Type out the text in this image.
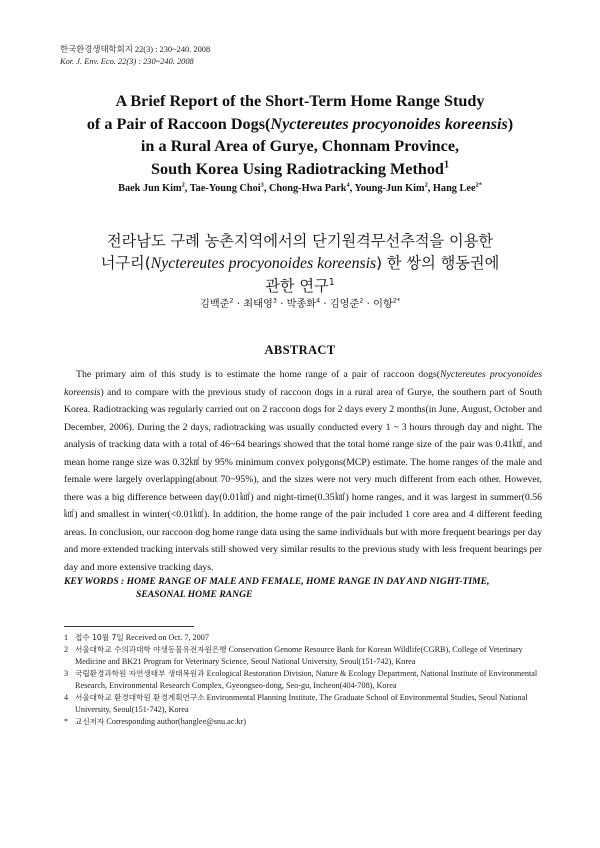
한국환경생태학회지 22(3) : 230~240. 2008
Kor. J. Env. Eco. 22(3) : 230~240. 2008
A Brief Report of the Short-Term Home Range Study
of a Pair of Raccoon Dogs(Nyctereutes procyonoides koreensis)
in a Rural Area of Gurye, Chonnam Province,
South Korea Using Radiotracking Method$^1$
Baek Jun Kim$^2$, Tae-Young Choi$^3$, Chong-Hwa Park$^4$, Young-Jun Kim$^2$, Hang Lee$^{2*}$
전라남도 구례 농촌지역에서의 단기원격무선추적을 이용한
너구리(Nyctereutes procyonoides koreensis) 한 쌍의 행동권에
관한 연구$^1$
김백준$^2$ · 최태영$^3$ · 박종화$^4$ · 김영준$^2$ · 이항$^{2*}$
ABSTRACT
The primary aim of this study is to estimate the home range of a pair of raccoon dogs(Nyctereutes procyonoides koreensis) and to compare with the previous study of raccoon dogs in a rural area of Gurye, the southern part of South Korea. Radiotracking was regularly carried out on 2 raccoon dogs for 2 days every 2 months(in June, August, October and December, 2006). During the 2 days, radiotracking was usually conducted every 1 ~ 3 hours through day and night. The analysis of tracking data with a total of 46~64 bearings showed that the total home range size of the pair was 0.41㎢, and mean home range size was 0.32㎢ by 95% minimum convex polygons(MCP) estimate. The home ranges of the male and female were largely overlapping(about 70~95%), and the sizes were not very much different from each other. However, there was a big difference between day(0.01㎢) and night-time(0.35㎢) home ranges, and it was largest in summer(0.56㎢) and smallest in winter(<0.01㎢). In addition, the home range of the pair included 1 core area and 4 different feeding areas. In conclusion, our raccoon dog home range data using the same individuals but with more frequent bearings per day and more extended tracking intervals still showed very similar results to the previous study with less frequent bearings per day and more extensive tracking days.
KEY WORDS : HOME RANGE OF MALE AND FEMALE, HOME RANGE IN DAY AND NIGHT-TIME,
SEASONAL HOME RANGE
1 접수 10월 7일 Received on Oct. 7, 2007
2 서울대학교 수의과대학 야생동물유전자원은행 Conservation Genome Resource Bank for Korean Wildlife(CGRB), College of Veterinary Medicine and BK21 Program for Veterinary Science, Seoul National University, Seoul(151-742), Korea
3 국립환경과학원 자연생태부 생태복원과 Ecological Restoration Division, Nature & Ecology Department, National Institute of Environmental Research, Environmental Research Complex, Gyeongseo-dong, Seo-gu, Incheon(404-708), Korea
4 서울대학교 환경대학원 환경계획연구소 Environmental Planning Institute, The Graduate School of Environmental Studies, Seoul National University, Seoul(151-742), Korea
* 교신저자 Corresponding author(hanglee@snu.ac.kr)
